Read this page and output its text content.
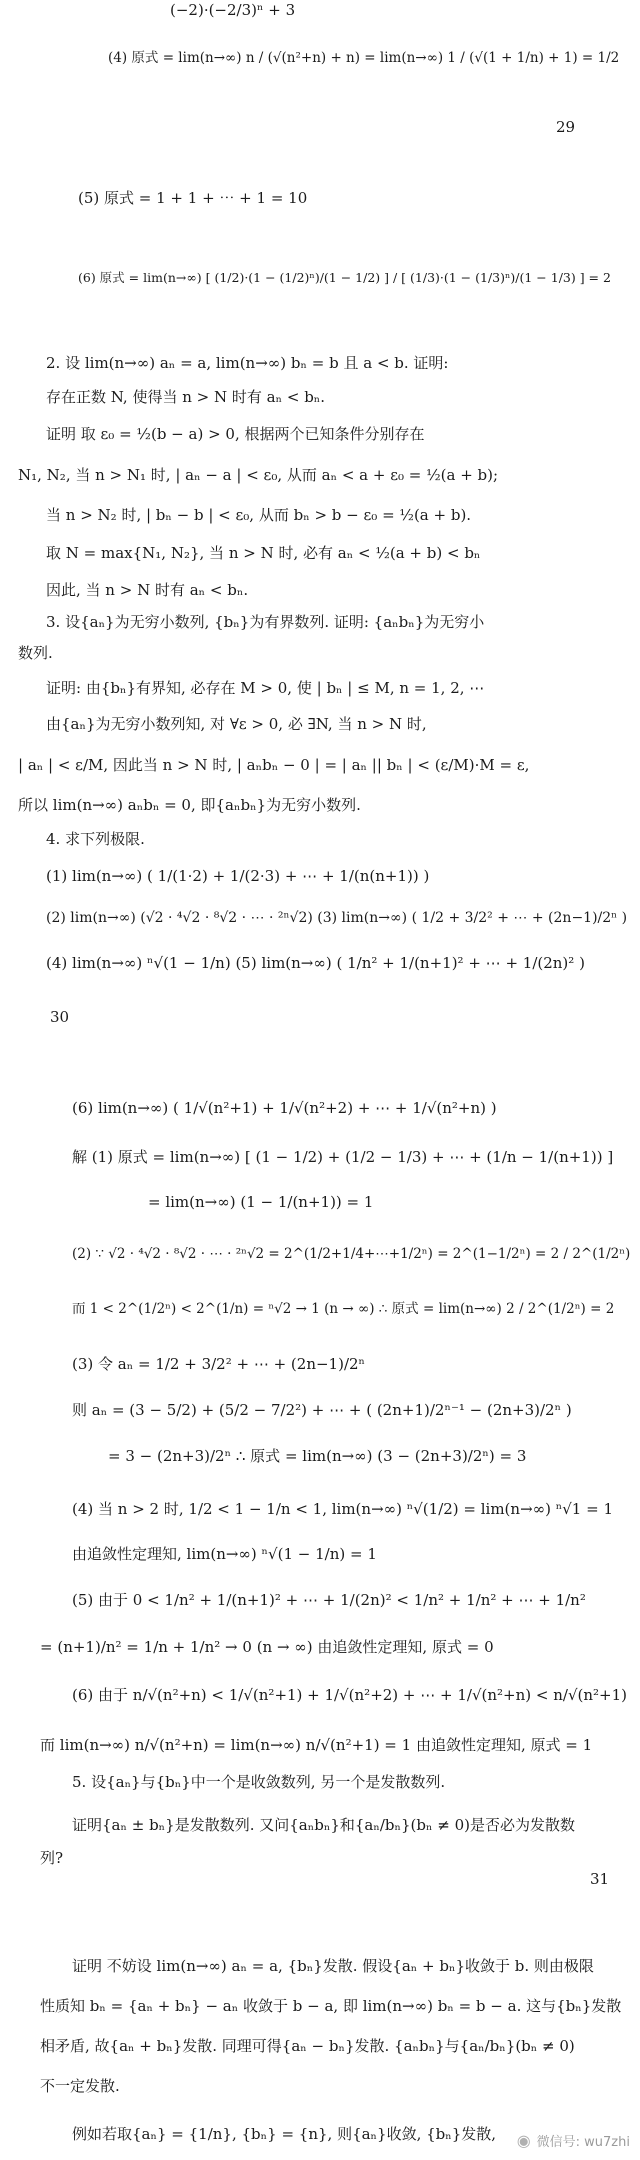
(−2)·(−2/3)ⁿ + 3
(4) 原式 = lim(n→∞) n / (√(n²+n) + n) = lim(n→∞) 1 / (√(1 + 1/n) + 1) = 1/2
29
(5) 原式 = 1 + 1 + ⋯ + 1 = 10
(6) 原式 = lim(n→∞) [ (1/2)·(1 − (1/2)ⁿ)/(1 − 1/2) ] / [ (1/3)·(1 − (1/3)ⁿ)/(1 − 1/3) ] = 2
2. 设 lim(n→∞) aₙ = a, lim(n→∞) bₙ = b 且 a < b. 证明:
存在正数 N, 使得当 n > N 时有 aₙ < bₙ.
证明 取 ε₀ = ½(b − a) > 0, 根据两个已知条件分别存在
N₁, N₂, 当 n > N₁ 时, | aₙ − a | < ε₀, 从而 aₙ < a + ε₀ = ½(a + b);
当 n > N₂ 时, | bₙ − b | < ε₀, 从而 bₙ > b − ε₀ = ½(a + b).
取 N = max{N₁, N₂}, 当 n > N 时, 必有 aₙ < ½(a + b) < bₙ
因此, 当 n > N 时有 aₙ < bₙ.
3. 设{aₙ}为无穷小数列, {bₙ}为有界数列. 证明: {aₙbₙ}为无穷小
数列.
证明: 由{bₙ}有界知, 必存在 M > 0, 使 | bₙ | ≤ M, n = 1, 2, ⋯
由{aₙ}为无穷小数列知, 对 ∀ε > 0, 必 ∃N, 当 n > N 时,
| aₙ | < ε/M, 因此当 n > N 时, | aₙbₙ − 0 | = | aₙ || bₙ | < (ε/M)·M = ε,
所以 lim(n→∞) aₙbₙ = 0, 即{aₙbₙ}为无穷小数列.
4. 求下列极限.
(1) lim(n→∞) ( 1/(1·2) + 1/(2·3) + ⋯ + 1/(n(n+1)) )
(2) lim(n→∞) (√2 · ⁴√2 · ⁸√2 · ⋯ · ²ⁿ√2) (3) lim(n→∞) ( 1/2 + 3/2² + ⋯ + (2n−1)/2ⁿ )
(4) lim(n→∞) ⁿ√(1 − 1/n) (5) lim(n→∞) ( 1/n² + 1/(n+1)² + ⋯ + 1/(2n)² )
30
(6) lim(n→∞) ( 1/√(n²+1) + 1/√(n²+2) + ⋯ + 1/√(n²+n) )
解 (1) 原式 = lim(n→∞) [ (1 − 1/2) + (1/2 − 1/3) + ⋯ + (1/n − 1/(n+1)) ]
= lim(n→∞) (1 − 1/(n+1)) = 1
(2) ∵ √2 · ⁴√2 · ⁸√2 · ⋯ · ²ⁿ√2 = 2^(1/2+1/4+⋯+1/2ⁿ) = 2^(1−1/2ⁿ) = 2 / 2^(1/2ⁿ)
而 1 < 2^(1/2ⁿ) < 2^(1/n) = ⁿ√2 → 1 (n → ∞) ∴ 原式 = lim(n→∞) 2 / 2^(1/2ⁿ) = 2
(3) 令 aₙ = 1/2 + 3/2² + ⋯ + (2n−1)/2ⁿ
则 aₙ = (3 − 5/2) + (5/2 − 7/2²) + ⋯ + ( (2n+1)/2ⁿ⁻¹ − (2n+3)/2ⁿ )
= 3 − (2n+3)/2ⁿ ∴ 原式 = lim(n→∞) (3 − (2n+3)/2ⁿ) = 3
(4) 当 n > 2 时, 1/2 < 1 − 1/n < 1, lim(n→∞) ⁿ√(1/2) = lim(n→∞) ⁿ√1 = 1
由追敛性定理知, lim(n→∞) ⁿ√(1 − 1/n) = 1
(5) 由于 0 < 1/n² + 1/(n+1)² + ⋯ + 1/(2n)² < 1/n² + 1/n² + ⋯ + 1/n²
= (n+1)/n² = 1/n + 1/n² → 0 (n → ∞) 由追敛性定理知, 原式 = 0
(6) 由于 n/√(n²+n) < 1/√(n²+1) + 1/√(n²+2) + ⋯ + 1/√(n²+n) < n/√(n²+1)
而 lim(n→∞) n/√(n²+n) = lim(n→∞) n/√(n²+1) = 1 由追敛性定理知, 原式 = 1
5. 设{aₙ}与{bₙ}中一个是收敛数列, 另一个是发散数列.
证明{aₙ ± bₙ}是发散数列. 又问{aₙbₙ}和{aₙ/bₙ}(bₙ ≠ 0)是否必为发散数
列?
31
证明 不妨设 lim(n→∞) aₙ = a, {bₙ}发散. 假设{aₙ + bₙ}收敛于 b. 则由极限
性质知 bₙ = {aₙ + bₙ} − aₙ 收敛于 b − a, 即 lim(n→∞) bₙ = b − a. 这与{bₙ}发散
相矛盾, 故{aₙ + bₙ}发散. 同理可得{aₙ − bₙ}发散. {aₙbₙ}与{aₙ/bₙ}(bₙ ≠ 0)
不一定发散.
例如若取{aₙ} = {1/n}, {bₙ} = {n}, 则{aₙ}收敛, {bₙ}发散, ◉ 微信号: wu7zhi
